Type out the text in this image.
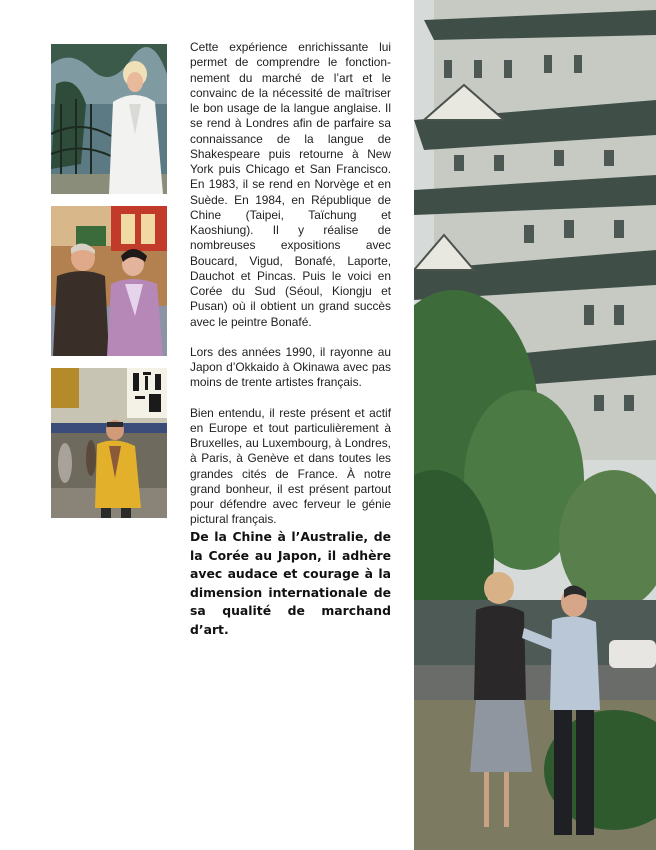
Cette expérience enrichissante lui permet de comprendre le fonctionnement du marché de l’art et le convainc de la nécessité de maîtriser le bon usage de la langue anglaise. Il se rend à Londres afin de parfaire sa connaissance de la langue de Shakespeare puis retourne à New York puis Chicago et San Francisco. En 1983, il se rend en Norvège et en Suède. En 1984, en République de Chine (Taipei, Taïchung et Kaoshiung). Il y réalise de nombreuses expositions avec Boucard, Vigud, Bonafé, Laporte, Dauchot et Pincas. Puis le voici en Corée du Sud (Séoul, Kiongju et Pusan) où il obtient un grand succès avec le peintre Bonafé.

Lors des années 1990, il rayonne au Japon d’Okkaido à Okinawa avec pas moins de trente artistes français.

Bien entendu, il reste présent et actif en Europe et tout particulièrement à Bruxelles, au Luxembourg, à Londres, à Paris, à Genève et dans toutes les grandes cités de France. À notre grand bonheur, il est présent partout pour défendre avec ferveur le génie pictural français.

De la Chine à l’Australie, de la Corée au Japon, il adhère avec audace et courage à la dimension internationale de sa qualité de marchand d’art.
